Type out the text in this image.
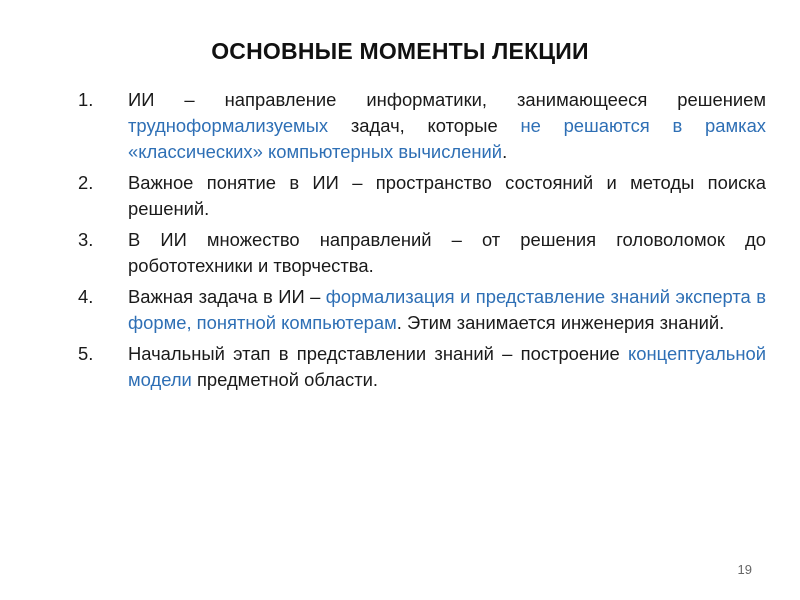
ОСНОВНЫЕ МОМЕНТЫ ЛЕКЦИИ
1. ИИ – направление информатики, занимающееся решением трудноформализуемых задач, которые не решаются в рамках «классических» компьютерных вычислений.
2. Важное понятие в ИИ – пространство состояний и методы поиска решений.
3. В ИИ множество направлений – от решения головоломок до робототехники и творчества.
4. Важная задача в ИИ – формализация и представление знаний эксперта в форме, понятной компьютерам. Этим занимается инженерия знаний.
5. Начальный этап в представлении знаний – построение концептуальной модели предметной области.
19
